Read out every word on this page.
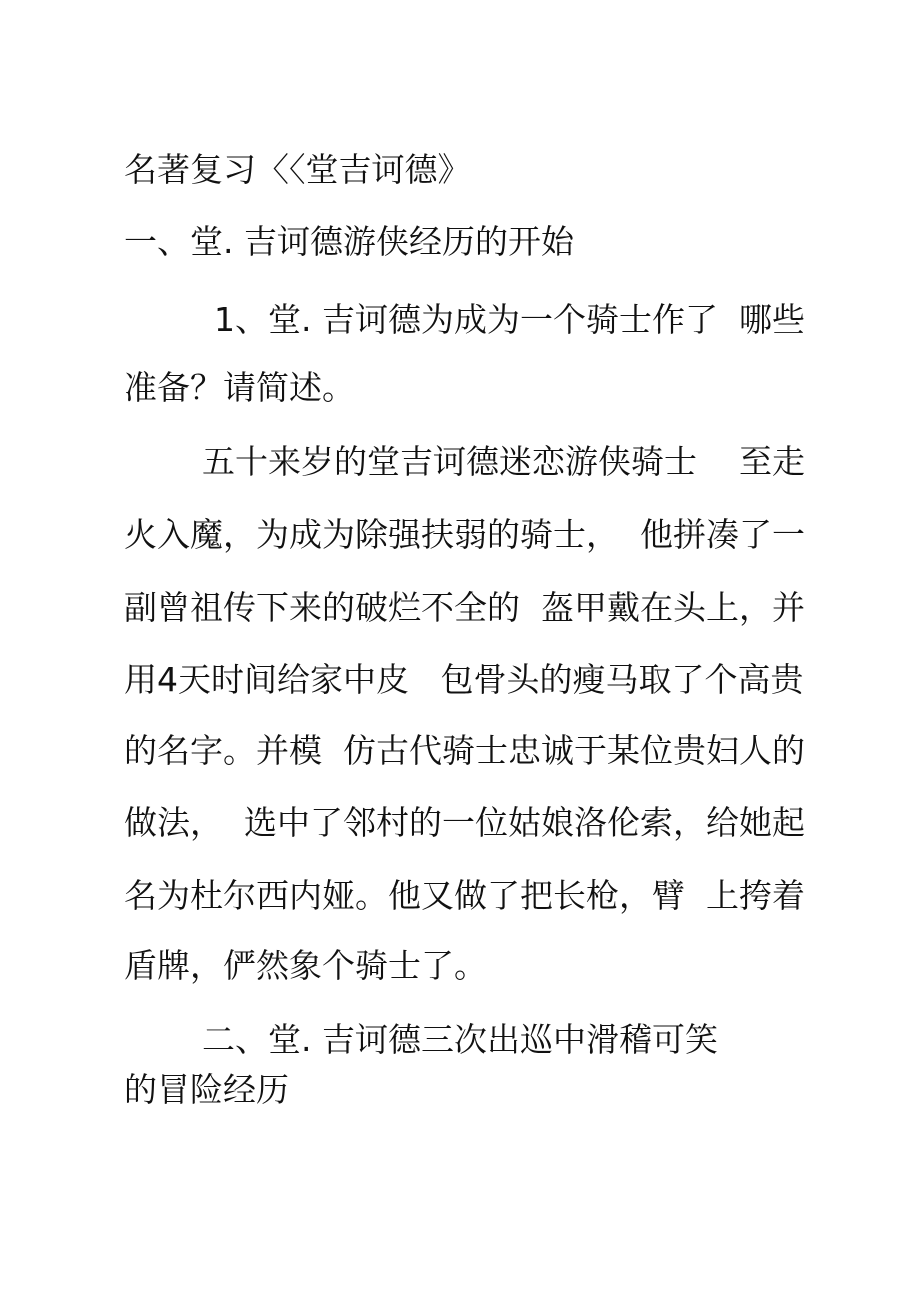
名著复习〈〈堂吉诃德》
一、堂. 吉诃德游侠经历的开始
1、堂. 吉诃德为成为一个骑士作了  哪些
准备？请简述。
五十来岁的堂吉诃德迷恋游侠骑士    至走
火入魔，为成为除强扶弱的骑士，  他拼凑了一
副曾祖传下来的破烂不全的  盔甲戴在头上，并
用4天时间给家中皮   包骨头的瘦马取了个高贵
的名字。并模  仿古代骑士忠诚于某位贵妇人的
做法，  选中了邻村的一位姑娘洛伦索，给她起
名为杜尔西内娅。他又做了把长枪，臂  上挎着
盾牌，俨然象个骑士了。
二、堂. 吉诃德三次出巡中滑稽可笑
的冒险经历
